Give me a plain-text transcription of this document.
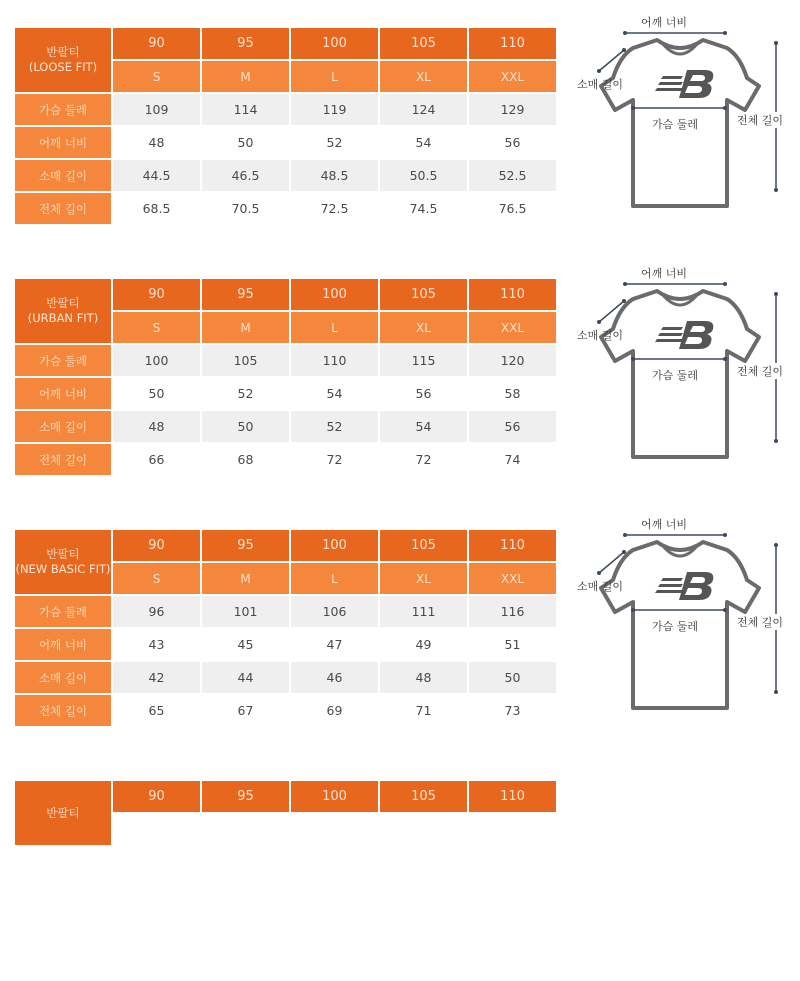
반팔티
(LOOSE FIT)
90	95	100	105	110
S	M	L	XL	XXL
가슴 둘레	109	114	119	124	129
어깨 너비	48	50	52	54	56
소매 길이	44.5	46.5	48.5	50.5	52.5
전체 길이	68.5	70.5	72.5	74.5	76.5
어깨 너비
소매 길이
가슴 둘레	전체 길이
반팔티
(URBAN FIT)
90	95	100	105	110
S	M	L	XL	XXL
가슴 둘레	100	105	110	115	120
어깨 너비	50	52	54	56	58
소매 길이	48	50	52	54	56
전체 길이	66	68	72	72	74
어깨 너비
소매 길이
가슴 둘레	전체 길이
반팔티
(NEW BASIC FIT)
90	95	100	105	110
S	M	L	XL	XXL
가슴 둘레	96	101	106	111	116
어깨 너비	43	45	47	49	51
소매 길이	42	44	46	48	50
전체 길이	65	67	69	71	73
어깨 너비
소매 길이
가슴 둘레	전체 길이
반팔티
90	95	100	105	110
